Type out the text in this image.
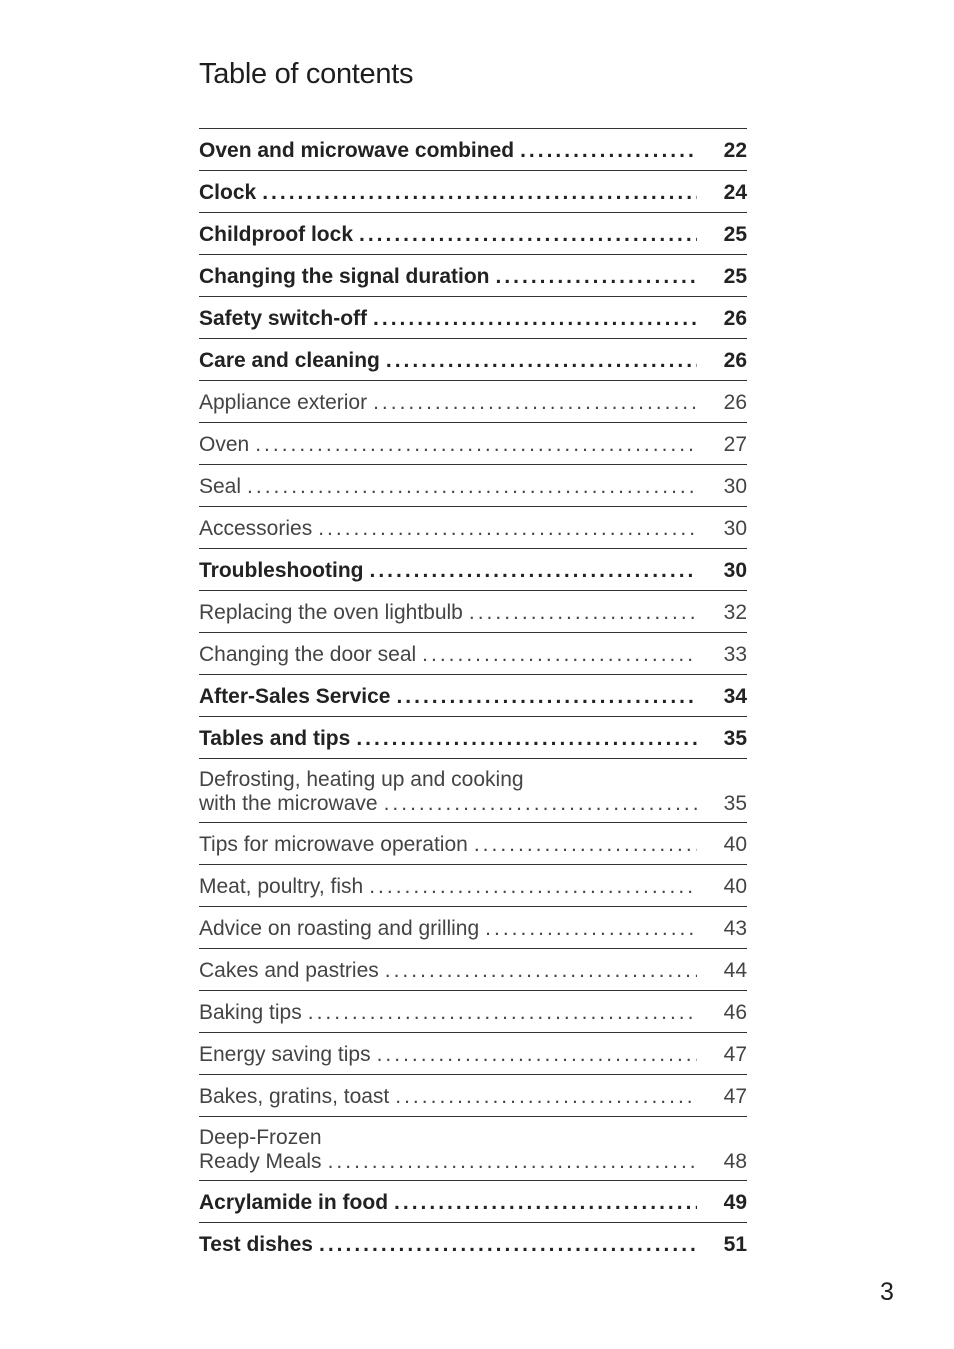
Table of contents
Oven and microwave combined .....	22
Clock .....	24
Childproof lock .....	25
Changing the signal duration .....	25
Safety switch-off .....	26
Care and cleaning .....	26
Appliance exterior .....	26
Oven .....	27
Seal .....	30
Accessories .....	30
Troubleshooting .....	30
Replacing the oven lightbulb .....	32
Changing the door seal .....	33
After-Sales Service .....	34
Tables and tips .....	35
Defrosting, heating up and cooking
with the microwave .....	35
Tips for microwave operation .....	40
Meat, poultry, fish .....	40
Advice on roasting and grilling .....	43
Cakes and pastries .....	44
Baking tips .....	46
Energy saving tips .....	47
Bakes, gratins, toast .....	47
Deep-Frozen
Ready Meals .....	48
Acrylamide in food .....	49
Test dishes .....	51
3
